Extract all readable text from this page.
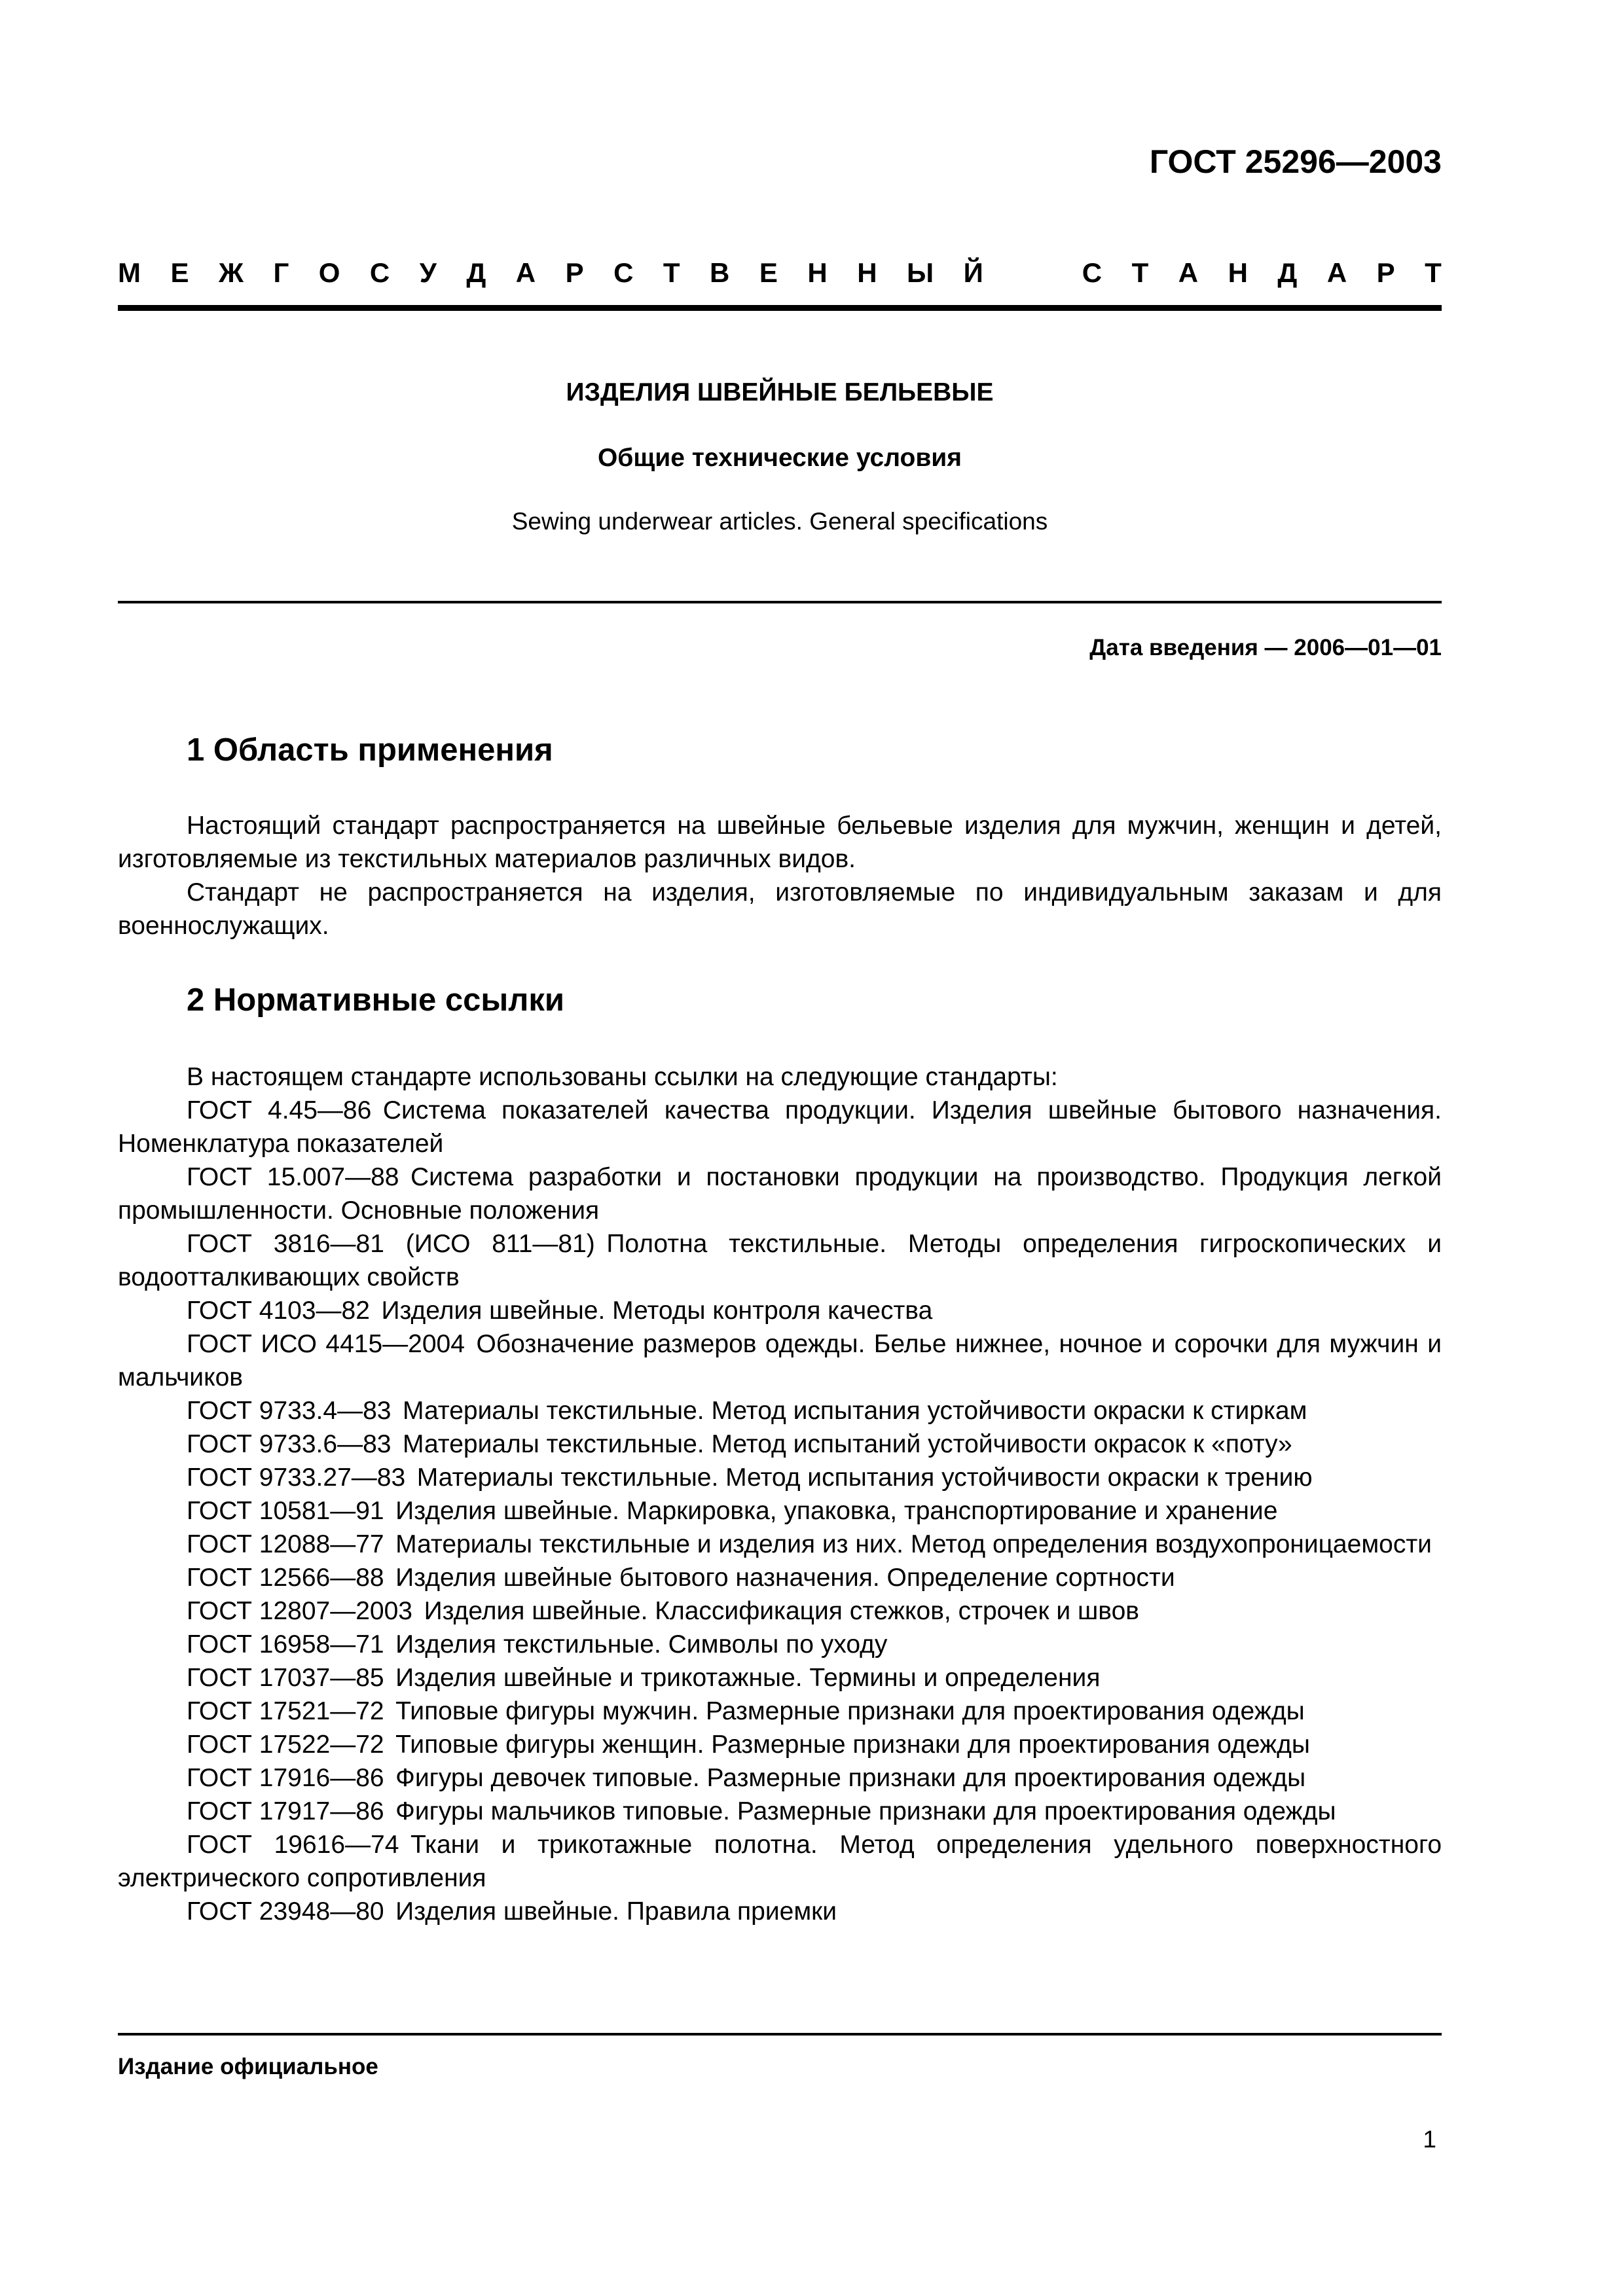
ГОСТ 25296—2003
М Е Ж Г О С У Д А Р С Т В Е Н Н Ы Й	С Т А Н Д А Р Т
ИЗДЕЛИЯ ШВЕЙНЫЕ БЕЛЬЕВЫЕ
Общие технические условия
Sewing underwear articles. General specifications
Дата введения — 2006—01—01
1 Область применения

Настоящий стандарт распространяется на швейные бельевые изделия для мужчин, женщин и детей, изготовляемые из текстильных материалов различных видов.

Стандарт не распространяется на изделия, изготовляемые по индивидуальным заказам и для военнослужащих.

2 Нормативные ссылки

В настоящем стандарте использованы ссылки на следующие стандарты:

ГОСТ 4.45—86 Система показателей качества продукции. Изделия швейные бытового назначения. Номенклатура показателей

ГОСТ 15.007—88 Система разработки и постановки продукции на производство. Продукция легкой промышленности. Основные положения

ГОСТ 3816—81 (ИСО 811—81) Полотна текстильные. Методы определения гигроскопических и водоотталкивающих свойств

ГОСТ 4103—82 Изделия швейные. Методы контроля качества

ГОСТ ИСО 4415—2004 Обозначение размеров одежды. Белье нижнее, ночное и сорочки для мужчин и мальчиков

ГОСТ 9733.4—83 Материалы текстильные. Метод испытания устойчивости окраски к стиркам

ГОСТ 9733.6—83 Материалы текстильные. Метод испытаний устойчивости окрасок к «поту»

ГОСТ 9733.27—83 Материалы текстильные. Метод испытания устойчивости окраски к трению

ГОСТ 10581—91 Изделия швейные. Маркировка, упаковка, транспортирование и хранение

ГОСТ 12088—77 Материалы текстильные и изделия из них. Метод определения воздухопроницаемости

ГОСТ 12566—88 Изделия швейные бытового назначения. Определение сортности

ГОСТ 12807—2003 Изделия швейные. Классификация стежков, строчек и швов

ГОСТ 16958—71 Изделия текстильные. Символы по уходу

ГОСТ 17037—85 Изделия швейные и трикотажные. Термины и определения

ГОСТ 17521—72 Типовые фигуры мужчин. Размерные признаки для проектирования одежды

ГОСТ 17522—72 Типовые фигуры женщин. Размерные признаки для проектирования одежды

ГОСТ 17916—86 Фигуры девочек типовые. Размерные признаки для проектирования одежды

ГОСТ 17917—86 Фигуры мальчиков типовые. Размерные признаки для проектирования одежды

ГОСТ 19616—74 Ткани и трикотажные полотна. Метод определения удельного поверхностного электрического сопротивления

ГОСТ 23948—80 Изделия швейные. Правила приемки

Издание официальное
1
